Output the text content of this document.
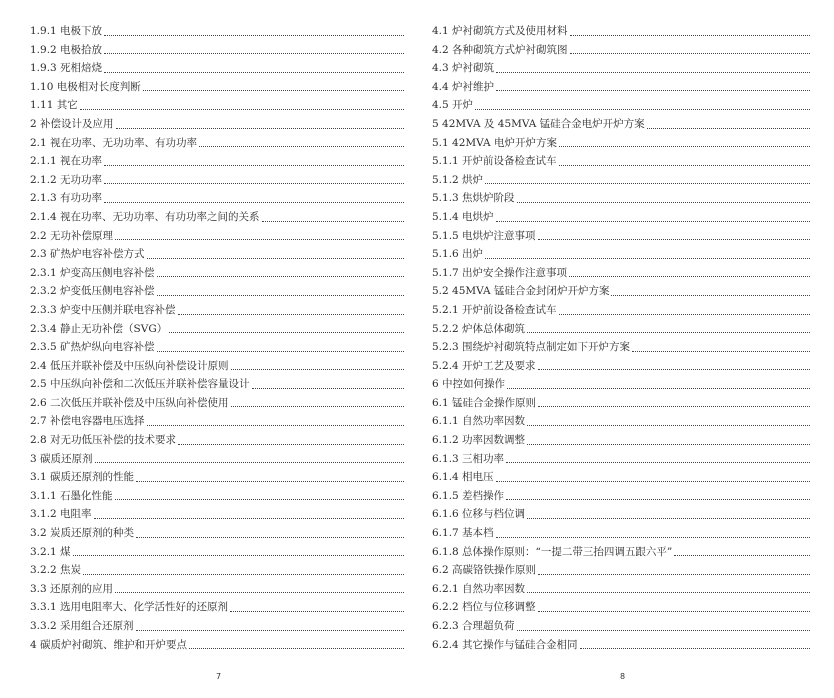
1.9.1 电极下放
1.9.2 电极拾放
1.9.3 死相焙烧
1.10 电极相对长度判断
1.11 其它
2 补偿设计及应用
2.1 视在功率、无功功率、有功功率
2.1.1 视在功率
2.1.2 无功功率
2.1.3 有功功率
2.1.4 视在功率、无功功率、有功功率之间的关系
2.2 无功补偿原理
2.3 矿热炉电容补偿方式
2.3.1 炉变高压侧电容补偿
2.3.2 炉变低压侧电容补偿
2.3.3 炉变中压侧并联电容补偿
2.3.4 静止无功补偿（SVG）
2.3.5 矿热炉纵向电容补偿
2.4 低压并联补偿及中压纵向补偿设计原则
2.5 中压纵向补偿和二次低压并联补偿容量设计
2.6 二次低压并联补偿及中压纵向补偿使用
2.7 补偿电容器电压选择
2.8 对无功低压补偿的技术要求
3 碳质还原剂
3.1 碳质还原剂的性能
3.1.1 石墨化性能
3.1.2 电阻率
3.2 炭质还原剂的种类
3.2.1 煤
3.2.2 焦炭
3.3 还原剂的应用
3.3.1 选用电阻率大、化学活性好的还原剂
3.3.2 采用组合还原剂
4 碳质炉衬砌筑、维护和开炉要点
7
4.1 炉衬砌筑方式及使用材料
4.2 各种砌筑方式炉衬砌筑图
4.3 炉衬砌筑
4.4 炉衬维护
4.5 开炉
5 42MVA 及 45MVA 锰硅合金电炉开炉方案
5.1 42MVA 电炉开炉方案
5.1.1 开炉前设备检查试车
5.1.2 烘炉
5.1.3 焦烘炉阶段
5.1.4 电烘炉
5.1.5 电烘炉注意事项
5.1.6 出炉
5.1.7 出炉安全操作注意事项
5.2 45MVA 锰硅合金封闭炉开炉方案
5.2.1 开炉前设备检查试车
5.2.2 炉体总体砌筑
5.2.3 围绕炉衬砌筑特点制定如下开炉方案
5.2.4 开炉工艺及要求
6 中控如何操作
6.1 锰硅合金操作原则
6.1.1 自然功率因数
6.1.2 功率因数调整
6.1.3 三相功率
6.1.4 相电压
6.1.5 差档操作
6.1.6 位移与档位调
6.1.7 基本档
6.1.8 总体操作原则：“一提二带三抬四调五跟六平”
6.2 高碳铬铁操作原则
6.2.1 自然功率因数
6.2.2 档位与位移调整
6.2.3 合理超负荷
6.2.4 其它操作与锰硅合金相同
8
